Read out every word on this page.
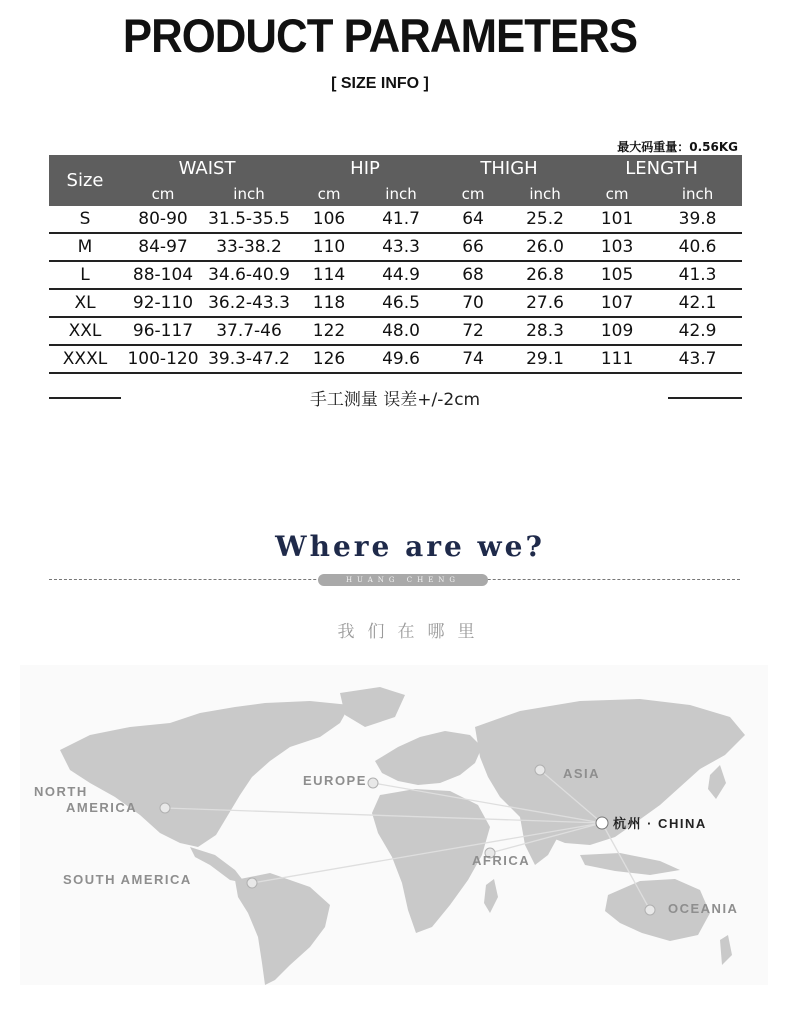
PRODUCT PARAMETERS
[ SIZE INFO ]
最大码重量：0.56KG
Size	WAIST		HIP		THIGH		LENGTH	
	cm	inch	cm	inch	cm	inch	cm	inch
S	80-90	31.5-35.5	106	41.7	64	25.2	101	39.8
M	84-97	33-38.2	110	43.3	66	26.0	103	40.6
L	88-104	34.6-40.9	114	44.9	68	26.8	105	41.3
XL	92-110	36.2-43.3	118	46.5	70	27.6	107	42.1
XXL	96-117	37.7-46	122	48.0	72	28.3	109	42.9
XXXL	100-120	39.3-47.2	126	49.6	74	29.1	111	43.7
手工测量 误差+/-2cm
Where are we?
HUANG CHENG
我们在哪里
NORTH
AMERICA
EUROPE	ASIA
杭州 · CHINA
AFRICA
SOUTH AMERICA
OCEANIA
